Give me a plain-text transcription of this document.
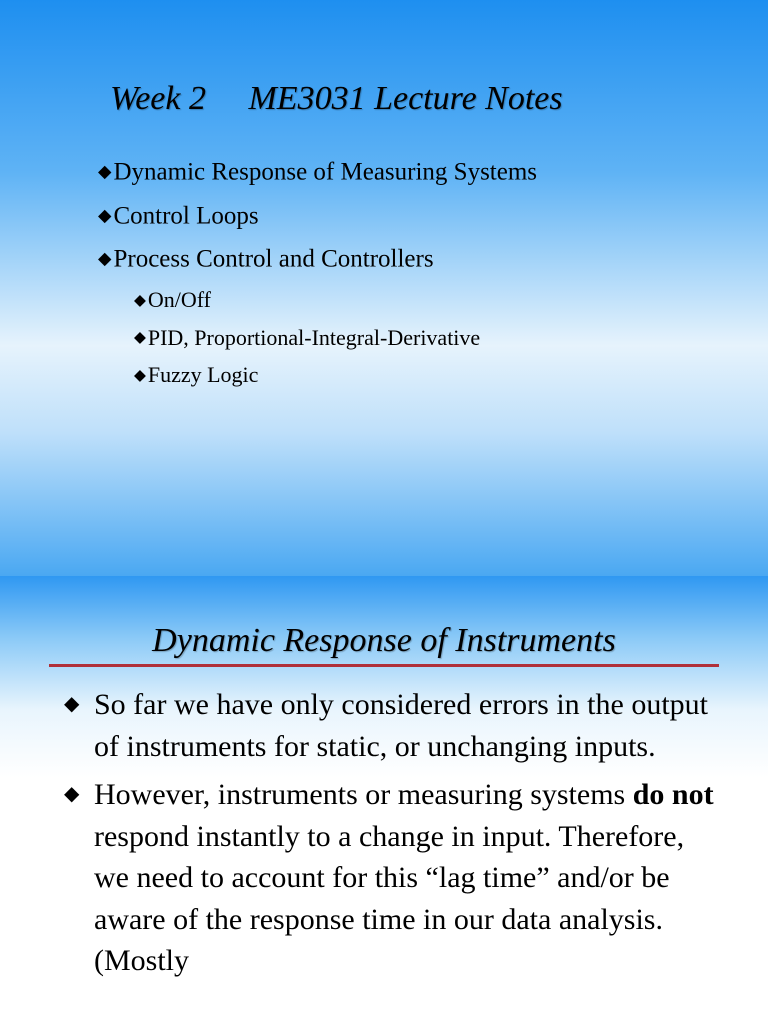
Week 2     ME3031 Lecture Notes
◆Dynamic Response of Measuring Systems
◆Control Loops
◆Process Control and Controllers
◆On/Off
◆PID, Proportional-Integral-Derivative
◆Fuzzy Logic
Dynamic Response of Instruments
◆ So far we have only considered errors in the output of instruments for static, or unchanging inputs.
◆ However, instruments or measuring systems do not respond instantly to a change in input. Therefore, we need to account for this “lag time” and/or be aware of the response time in our data analysis. (Mostly
